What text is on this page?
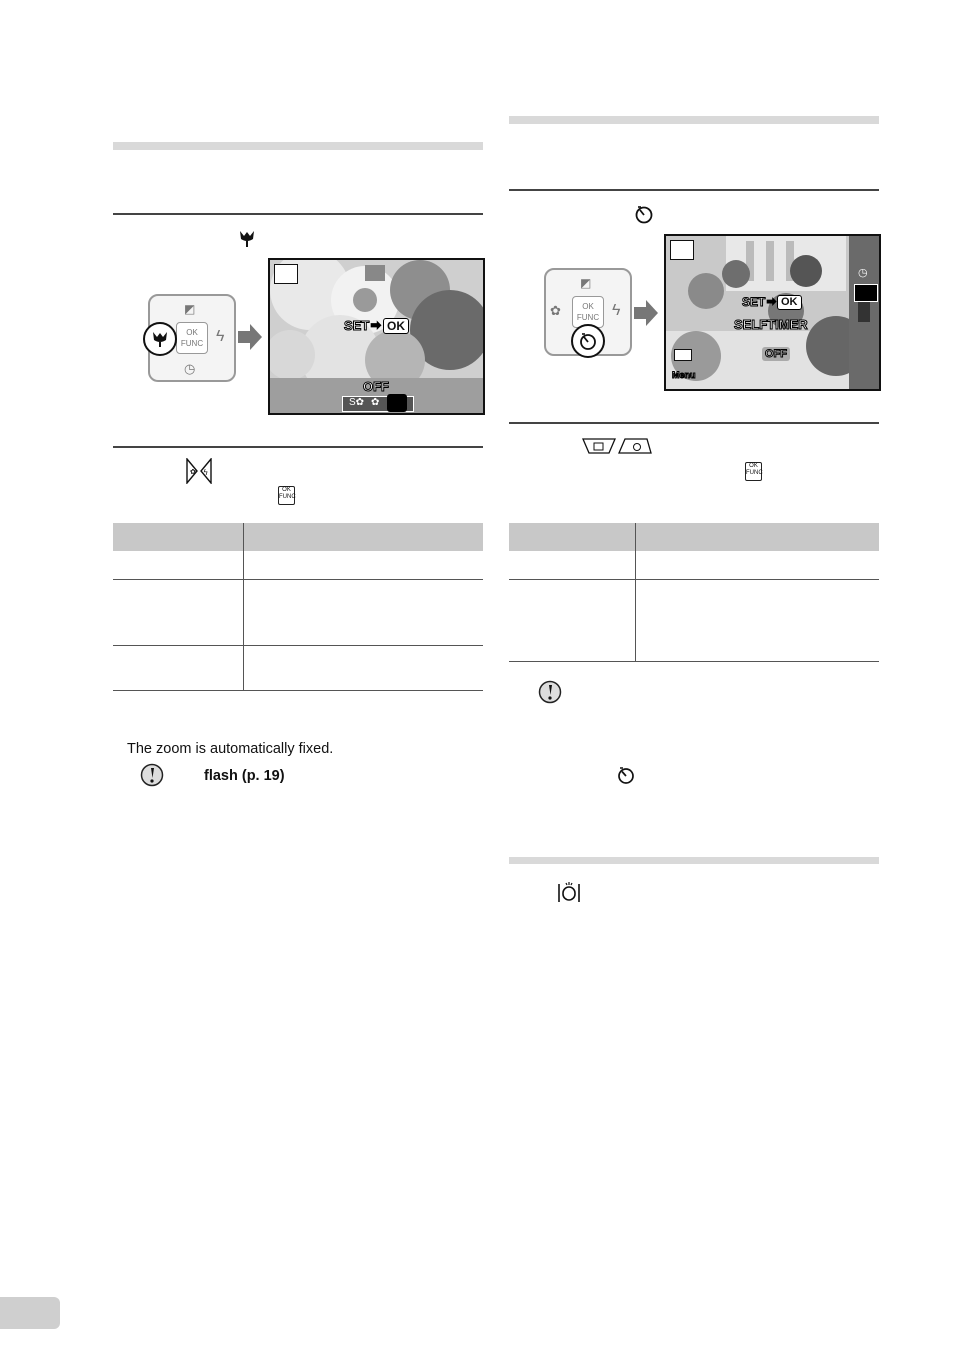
OK
FUNC
◩
ϟ
◷
SET ⇨ OK
OFF
S✿ ✿
✿ ϟ
OK
FUNC
The zoom is automatically fixed.
flash (p. 19)
OK
FUNC
◩
ϟ
✿
◷
SET ⇨ OK
SELFTIMER
OFF
Menu
OK
FUNC
